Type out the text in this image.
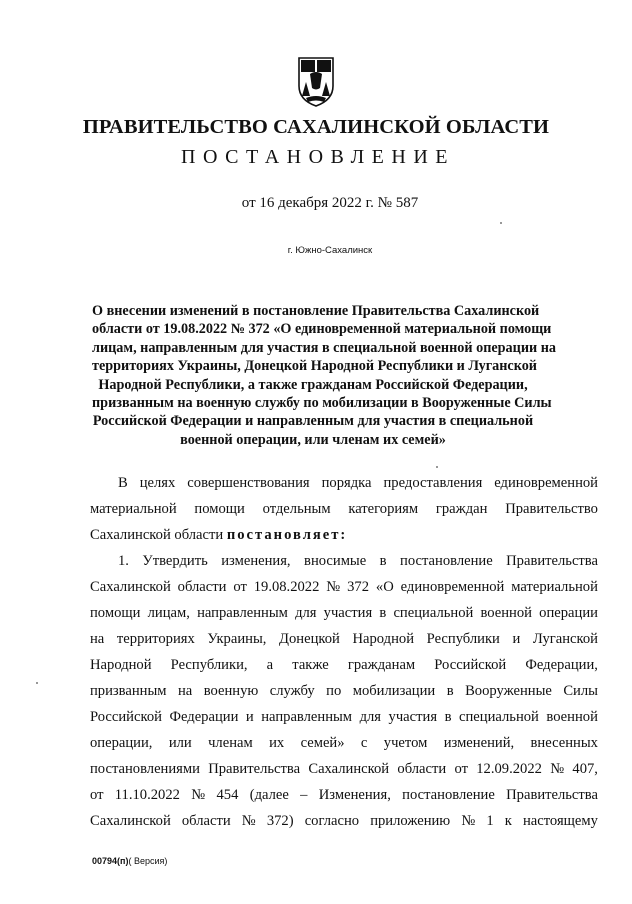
ПРАВИТЕЛЬСТВО САХАЛИНСКОЙ ОБЛАСТИ
ПОСТАНОВЛЕНИЕ
от 16 декабря 2022 г. № 587
г. Южно-Сахалинск
О внесении изменений в постановление Правительства Сахалинской
области от 19.08.2022 № 372 «О единовременной материальной помощи
лицам, направленным для участия в специальной военной операции на
территориях Украины, Донецкой Народной Республики и Луганской
Народной Республики, а также гражданам Российской Федерации,
призванным на военную службу по мобилизации в Вооруженные Силы
Российской Федерации и направленным для участия в специальной
военной операции, или членам их семей»
В целях совершенствования порядка предоставления единовременной
материальной помощи отдельным категориям граждан Правительство
Сахалинской области постановляет:
1. Утвердить изменения, вносимые в постановление Правительства
Сахалинской области от 19.08.2022 № 372 «О единовременной материальной
помощи лицам, направленным для участия в специальной военной операции
на территориях Украины, Донецкой Народной Республики и Луганской
Народной Республики, а также гражданам Российской Федерации,
призванным на военную службу по мобилизации в Вооруженные Силы
Российской Федерации и направленным для участия в специальной военной
операции, или членам их семей» с учетом изменений, внесенных
постановлениями Правительства Сахалинской области от 12.09.2022 № 407,
от 11.10.2022 № 454 (далее – Изменения, постановление Правительства
Сахалинской области № 372) согласно приложению № 1 к настоящему
00794(п)( Версия)
